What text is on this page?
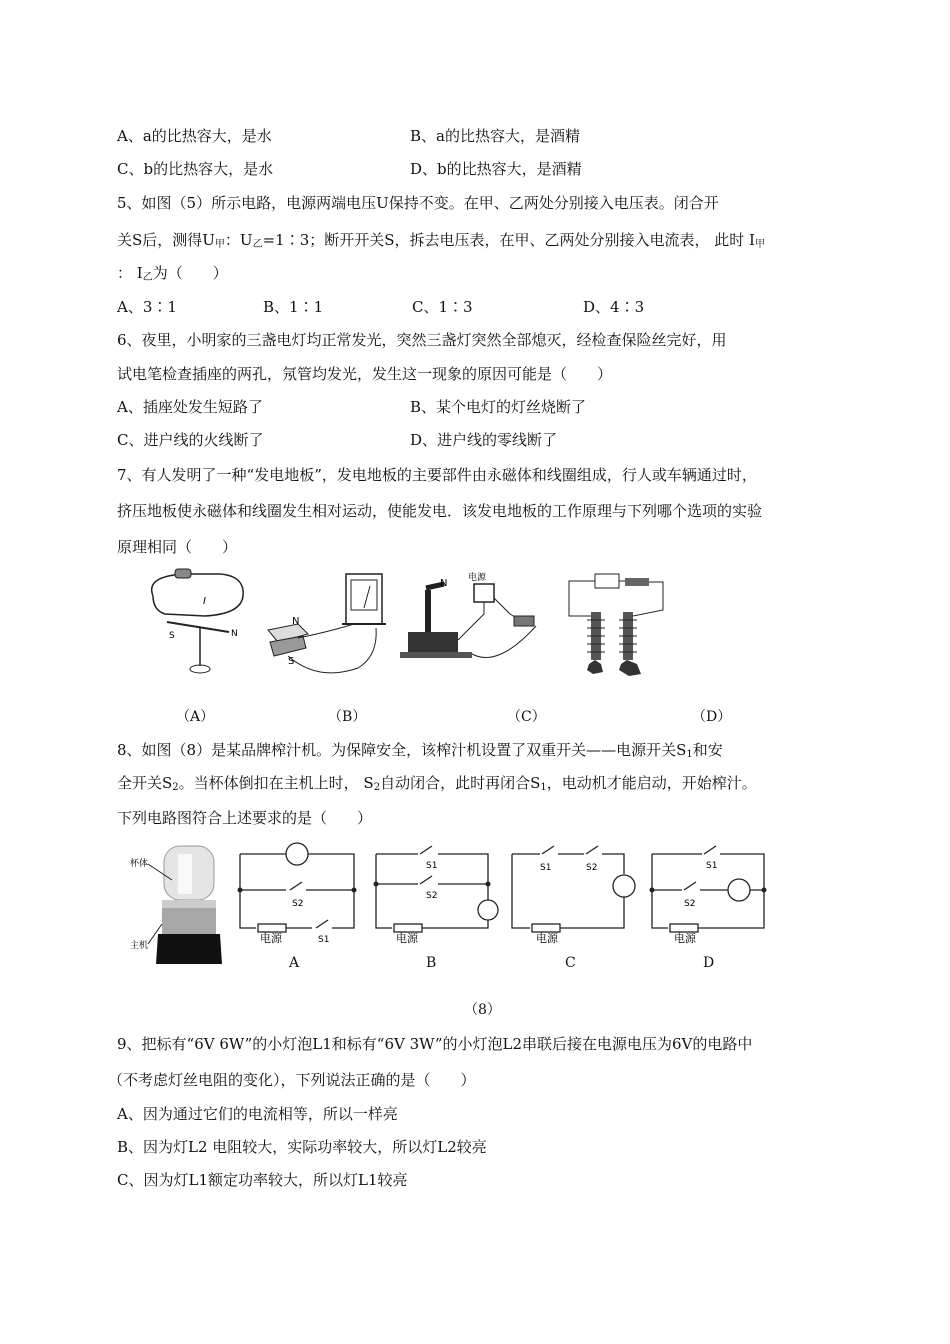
A、a的比热容大，是水	B、a的比热容大，是酒精
C、b的比热容大，是水	D、b的比热容大，是酒精
5、如图（5）所示电路，电源两端电压U保持不变。在甲、乙两处分别接入电压表。闭合开
关S后，测得$U_甲$：$U_乙=1∶3$；断开开关S，拆去电压表，在甲、乙两处分别接入电流表， 此时 $I_甲$
： $I_乙$为（　　）
A、3∶1	B、1∶1	C、1∶3	D、4∶3
6、夜里，小明家的三盏电灯均正常发光，突然三盏灯突然全部熄灭，经检查保险丝完好，用
试电笔检查插座的两孔，氖管均发光，发生这一现象的原因可能是（　　）
A、插座处发生短路了	B、某个电灯的灯丝烧断了
C、进户线的火线断了	D、进户线的零线断了
7、有人发明了一种“发电地板”，发电地板的主要部件由永磁体和线圈组成，行人或车辆通过时，
挤压地板使永磁体和线圈发生相对运动，使能发电．该发电地板的工作原理与下列哪个选项的实验
原理相同（　　）
I
S	N
N
S
电源
N
（A）	（B）	（C）	（D）
8、如图（8）是某品牌榨汁机。为保障安全，该榨汁机设置了双重开关——电源开关$S_1$和安
全开关$S_2$。当杯体倒扣在主机上时， $S_2$自动闭合，此时再闭合$S_1$，电动机才能启动，开始榨汁。
下列电路图符合上述要求的是（　　）
杯体
主机
S2
S1
电源
S1
S2
电源
S1	S2
电源
S1
S2
电源
A	B	C	D
（8）
9、把标有“6V 6W”的小灯泡L1和标有“6V 3W”的小灯泡L2串联后接在电源电压为6V的电路中
（不考虑灯丝电阻的变化），下列说法正确的是（　　）
A、因为通过它们的电流相等，所以一样亮
B、因为灯L2 电阻较大，实际功率较大，所以灯L2较亮
C、因为灯L1额定功率较大，所以灯L1较亮
